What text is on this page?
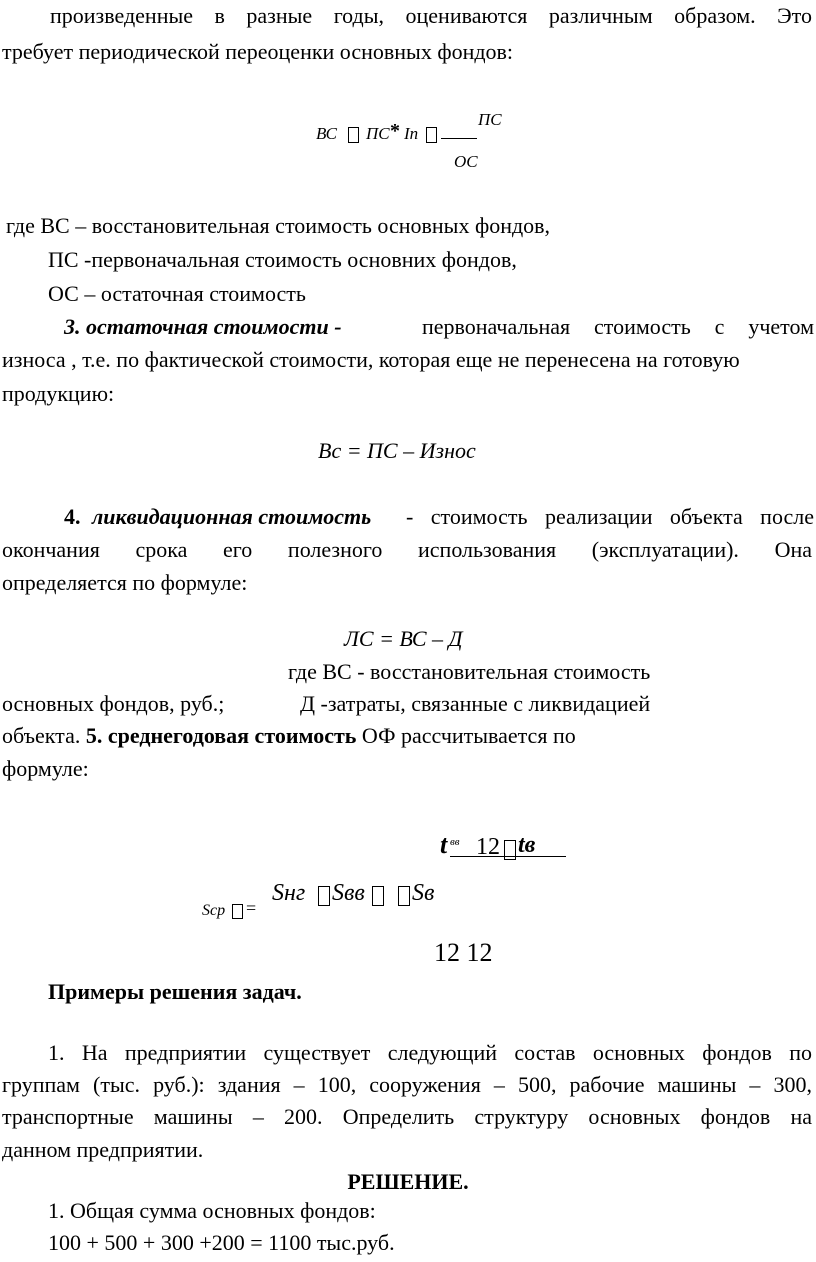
произведенные в разные годы, оцениваются различным образом. Это
требует периодической переоценки основных фондов:
ВС ПС * In
ПС
ОС
где ВС – восстановительная стоимость основных фондов,
ПС -первоначальная стоимость основних фондов,
ОС – остаточная стоимость
3. остаточная стоимости -	первоначальная стоимость с учетом
износа , т.е. по фактической стоимости, которая еще не перенесена на готовую
продукцию:
Вс = ПС – Износ
4. ликвидационная стоимость - стоимость реализации объекта после
окончания срока его полезного использования (эксплуатации). Она
определяется по формуле:
ЛС = ВС – Д
где ВС - восстановительная стоимость
основных фондов, руб.;	Д -затраты, связанные с ликвидацией
объекта. 5. среднегодовая стоимость ОФ рассчитывается по
формуле:
t вв 12 tв
Scp =
Sнг Sвв Sв
12 12
Примеры решения задач.
1. На предприятии существует следующий состав основных фондов по
группам (тыс. руб.): здания – 100, сооружения – 500, рабочие машины – 300,
транспортные машины – 200. Определить структуру основных фондов на
данном предприятии.
РЕШЕНИЕ.
1. Общая сумма основных фондов:
100 + 500 + 300 +200 = 1100 тыс.руб.
